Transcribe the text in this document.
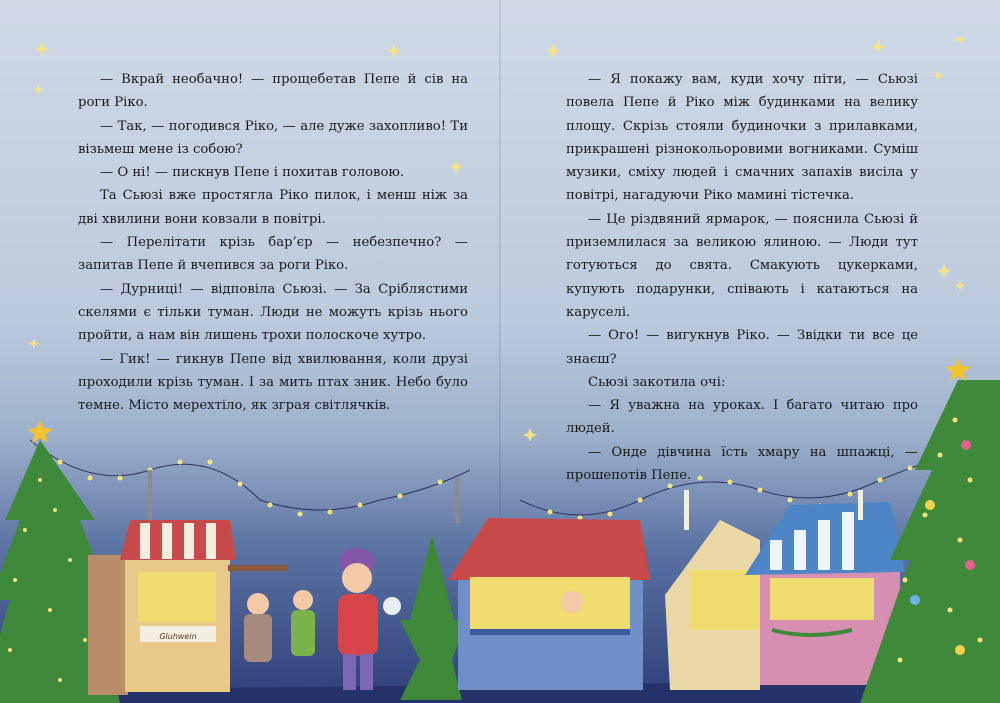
Gluhwein

— Вкрай необачно! — прощебетав Пепе й сів на роги Ріко.

— Так, — погодився Ріко, — але дуже захопливо! Ти візьмеш мене із собою?

— О ні! — пискнув Пепе і похитав головою.

Та Сьюзі вже простягла Ріко пилок, і менш ніж за дві хвилини вони ковзали в повітрі.

— Перелітати крізь бар’єр — небезпечно? — запитав Пепе й вчепився за роги Ріко.

— Дурниці! — відповіла Сьюзі. — За Сріблястими скелями є тільки туман. Люди не можуть крізь нього пройти, а нам він лишень трохи полоскоче хутро.

— Гик! — гикнув Пепе від хвилювання, коли друзі проходили крізь туман. І за мить птах зник. Небо було темне. Місто мерехтіло, як зграя світлячків.

— Я покажу вам, куди хочу піти, — Сьюзі повела Пепе й Ріко між будинками на велику площу. Скрізь стояли будиночки з прилавками, прикрашені різнокольоровими вогниками. Суміш музики, сміху людей і смачних запахів висіла у повітрі, нагадуючи Ріко мамині тістечка.

— Це різдвяний ярмарок, — пояснила Сьюзі й приземлилася за великою ялиною. — Люди тут готуються до свята. Смакують цукерками, купують подарунки, співають і катаються на каруселі.

— Ого! — вигукнув Ріко. — Звідки ти все це знаєш?

Сьюзі закотила очі:

— Я уважна на уроках. І багато читаю про людей.

— Онде дівчина їсть хмару на шпажці, — прошепотів Пепе.
